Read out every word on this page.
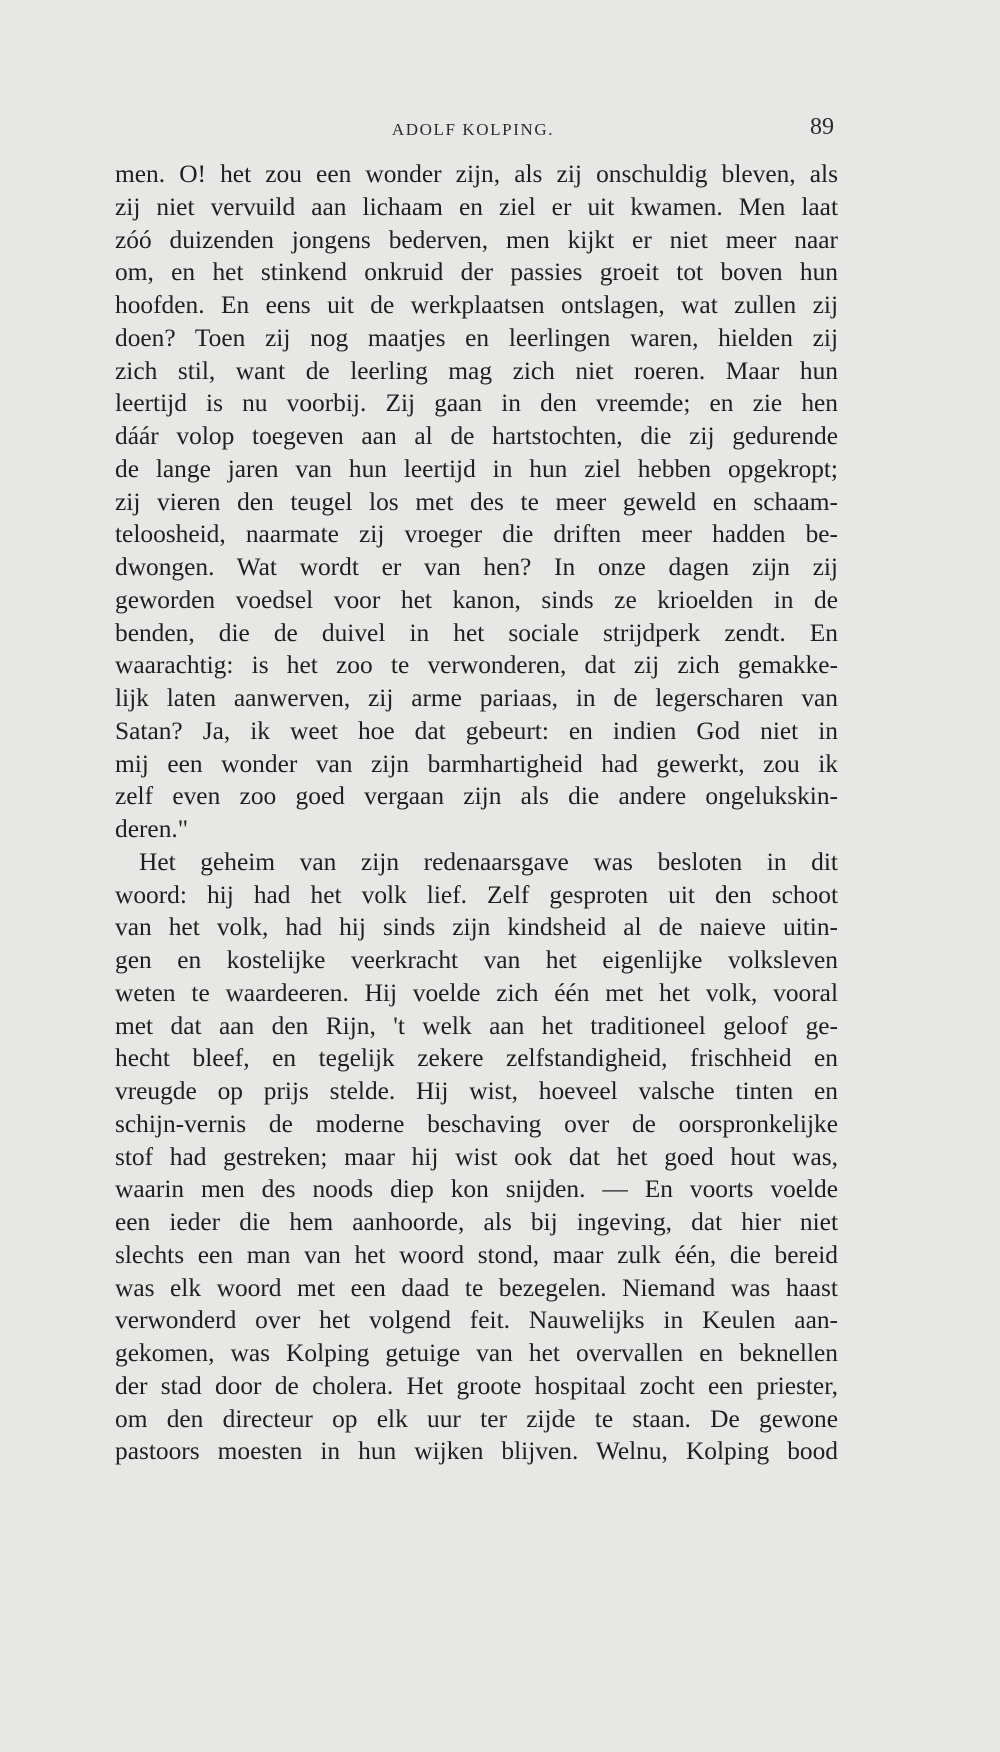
ADOLF KOLPING.	89
men. O! het zou een wonder zijn, als zij onschuldig bleven, als
zij niet vervuild aan lichaam en ziel er uit kwamen. Men laat
zóó duizenden jongens bederven, men kijkt er niet meer naar
om, en het stinkend onkruid der passies groeit tot boven hun
hoofden. En eens uit de werkplaatsen ontslagen, wat zullen zij
doen? Toen zij nog maatjes en leerlingen waren, hielden zij
zich stil, want de leerling mag zich niet roeren. Maar hun
leertijd is nu voorbij. Zij gaan in den vreemde; en zie hen
dáár volop toegeven aan al de hartstochten, die zij gedurende
de lange jaren van hun leertijd in hun ziel hebben opgekropt;
zij vieren den teugel los met des te meer geweld en schaam-
teloosheid, naarmate zij vroeger die driften meer hadden be-
dwongen. Wat wordt er van hen? In onze dagen zijn zij
geworden voedsel voor het kanon, sinds ze krioelden in de
benden, die de duivel in het sociale strijdperk zendt. En
waarachtig: is het zoo te verwonderen, dat zij zich gemakke-
lijk laten aanwerven, zij arme pariaas, in de legerscharen van
Satan? Ja, ik weet hoe dat gebeurt: en indien God niet in
mij een wonder van zijn barmhartigheid had gewerkt, zou ik
zelf even zoo goed vergaan zijn als die andere ongelukskin-
deren."
Het geheim van zijn redenaarsgave was besloten in dit
woord: hij had het volk lief. Zelf gesproten uit den schoot
van het volk, had hij sinds zijn kindsheid al de naieve uitin-
gen en kostelijke veerkracht van het eigenlijke volksleven
weten te waardeeren. Hij voelde zich één met het volk, vooral
met dat aan den Rijn, 't welk aan het traditioneel geloof ge-
hecht bleef, en tegelijk zekere zelfstandigheid, frischheid en
vreugde op prijs stelde. Hij wist, hoeveel valsche tinten en
schijn-vernis de moderne beschaving over de oorspronkelijke
stof had gestreken; maar hij wist ook dat het goed hout was,
waarin men des noods diep kon snijden. — En voorts voelde
een ieder die hem aanhoorde, als bij ingeving, dat hier niet
slechts een man van het woord stond, maar zulk één, die bereid
was elk woord met een daad te bezegelen. Niemand was haast
verwonderd over het volgend feit. Nauwelijks in Keulen aan-
gekomen, was Kolping getuige van het overvallen en beknellen
der stad door de cholera. Het groote hospitaal zocht een priester,
om den directeur op elk uur ter zijde te staan. De gewone
pastoors moesten in hun wijken blijven. Welnu, Kolping bood
